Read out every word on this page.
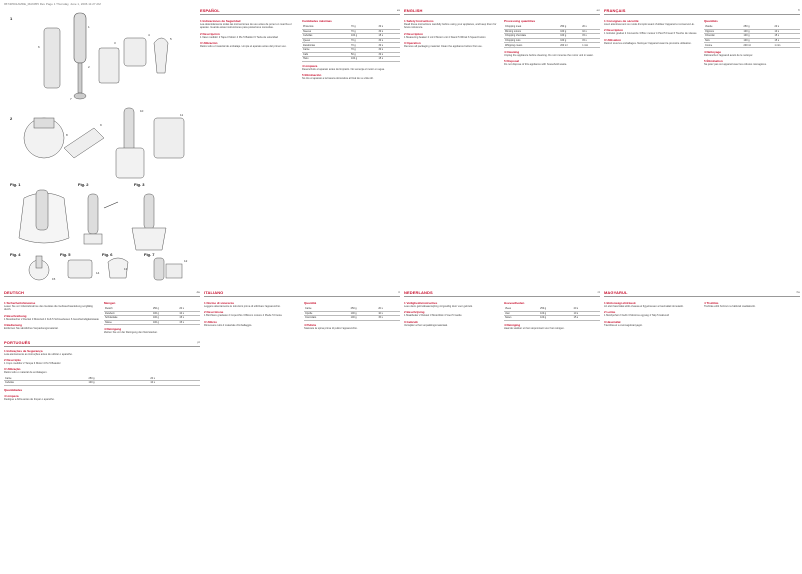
95740501AMDE_MA6055 Rev Page 1 Thursday, June 1, 2006 11:27 AM
1
1
2
3
4
5
6
7
2
8
9
10
11
Fig. 1	Fig. 2	Fig. 3
Fig. 4	Fig. 5	Fig. 6	Fig. 7
12
13
14
15
ESPAÑOL	es
1 Indicaciones de Seguridad

Lea detenidamente todas las instrucciones de uso antes de poner en marcha el aparato. Guarde estas instrucciones para posteriores consultas.

2 Descripción

1 Vaso medidor 2 Tapa 3 Motor 4 Pie 5 Batidor 6 Tecla de velocidad

3 Utilización

Retire todo el material de embalaje. Limpie el aparato antes del primer uso.

Cantidades máximas
Pimientos	70 g	30 s
Nueces	70 g	30 s
Cebollas	100 g	15 s
Queso	70 g	30 s
Zanahorias	70 g	30 s
Carne	70 g	30 s
Café	50 g	30 s
Hielo	100 g	15 s
4 Limpieza

Desenchufe el aparato antes de limpiarlo. No sumerja el motor en agua.

5 Eliminación

No tire el aparato a la basura doméstica al final de su vida útil.

ENGLISH	en
1 Safety Instructions

Read these instructions carefully before using your appliance, and keep them for future reference.

2 Description

1 Measuring beaker 2 Lid 3 Motor unit 4 Stand 5 Whisk 6 Speed button

3 Operation

Remove all packaging material. Clean the appliance before first use.

Processing quantities
Chopping meat	250 g	20 s
Mincing onions	100 g	10 s
Chopping chocolate	100 g	15 s
Chopping nuts	100 g	15 s
Whipping cream	200 ml	1 min
4 Cleaning

Unplug the appliance before cleaning. Do not immerse the motor unit in water.

5 Disposal

Do not dispose of this appliance with household waste.

FRANÇAIS	fr
1 Consignes de sécurité

Lisez attentivement ce mode d'emploi avant d'utiliser l'appareil et conservez-le.

2 Description

1 Gobelet gradué 2 Couvercle 3 Bloc moteur 4 Pied 5 Fouet 6 Touche de vitesse

3 Utilisation

Retirez tous les emballages. Nettoyez l'appareil avant la première utilisation.

Quantités
Viande	250 g	20 s
Oignons	100 g	10 s
Chocolat	100 g	15 s
Noix	100 g	15 s
Crème	200 ml	1 min
4 Nettoyage

Débranchez l'appareil avant de le nettoyer.

5 Élimination

Ne jetez pas cet appareil avec les ordures ménagères.

DEUTSCH	de
1 Sicherheitshinweise

Lesen Sie vor Inbetriebnahme des Gerätes die Gebrauchsanleitung sorgfältig durch.

2 Beschreibung

1 Messbecher 2 Deckel 3 Motorteil 4 Fuß 5 Schneebesen 6 Geschwindigkeitstaste

3 Bedienung

Entfernen Sie sämtliches Verpackungsmaterial.

Mengen
Fleisch	250 g	20 s
Zwiebeln	100 g	10 s
Schokolade	100 g	15 s
Nüsse	100 g	15 s
4 Reinigung

Ziehen Sie vor der Reinigung den Netzstecker.

PORTUGUÊS	pt
1 Indicações de Segurança

Leia atentamente as instruções antes de utilizar o aparelho.

2 Descrição

1 Copo medidor 2 Tampa 3 Motor 4 Pé 5 Batedor

3 Utilização

Retire todo o material de embalagem.

Carne	250 g	20 s
Cebolas	100 g	10 s
Quantidades
4 Limpeza

Desligue a ficha antes de limpar o aparelho.

ITALIANO	it
1 Norme di sicurezza

Leggere attentamente le istruzioni prima di utilizzare l'apparecchio.

2 Descrizione

1 Bicchiere graduato 2 Coperchio 3 Blocco motore 4 Piede 5 Frusta

3 Utilizzo

Rimuovere tutto il materiale d'imballaggio.

Quantità
Carne	250 g	20 s
Cipolle	100 g	10 s
Cioccolato	100 g	15 s
4 Pulizia

Staccare la spina prima di pulire l'apparecchio.

NEDERLANDS	nl
1 Veiligheidsinstructies

Lees deze gebruiksaanwijzing zorgvuldig door voor gebruik.

2 Beschrijving

1 Maatbeker 2 Deksel 3 Motorblok 4 Voet 5 Garde

3 Gebruik

Verwijder al het verpakkingsmateriaal.

Hoeveelheden
Vlees	250 g	20 s
Uien	100 g	10 s
Noten	100 g	15 s
4 Reiniging

Haal de stekker uit het stopcontact voor het reinigen.

MAGYARUL	hu
1 Biztonsági előírások

Az első használat előtt olvassa el figyelmesen a használati útmutatót.

2 Leírás

1 Mérőpohár 2 Fedő 3 Motoros egység 4 Talp 5 Habverő

3 Használat

Távolítsa el a csomagolóanyagot.

4 Tisztítás

Tisztítás előtt húzza ki a hálózati csatlakozót.
